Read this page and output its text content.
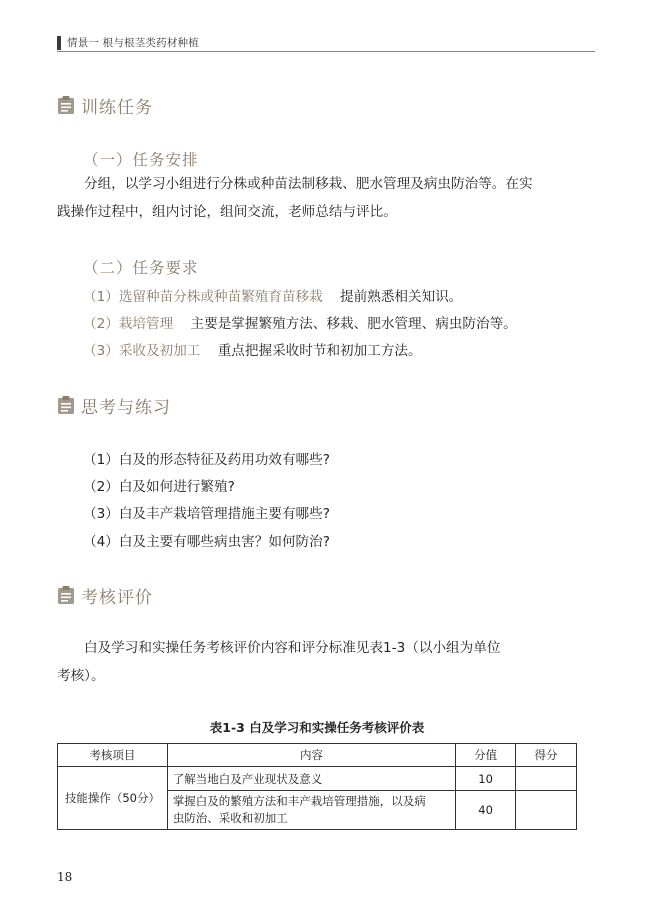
情景一 根与根茎类药材种植
训练任务
（一）任务安排
分组，以学习小组进行分株或种苗法制移栽、肥水管理及病虫防治等。在实
践操作过程中，组内讨论，组间交流，老师总结与评比。
（二）任务要求
（1）选留种苗分株或种苗繁殖育苗移栽 提前熟悉相关知识。
（2）栽培管理 主要是掌握繁殖方法、移栽、肥水管理、病虫防治等。
（3）采收及初加工 重点把握采收时节和初加工方法。
思考与练习
（1）白及的形态特征及药用功效有哪些?
（2）白及如何进行繁殖?
（3）白及丰产栽培管理措施主要有哪些?
（4）白及主要有哪些病虫害？如何防治?
考核评价
白及学习和实操任务考核评价内容和评分标准见表1-3（以小组为单位
考核）。
表1-3 白及学习和实操任务考核评价表
考核项目	内容	分值	得分
技能操作（50分）	了解当地白及产业现状及意义	10	
	掌握白及的繁殖方法和丰产栽培管理措施，以及病
虫防治、采收和初加工	40	
18
